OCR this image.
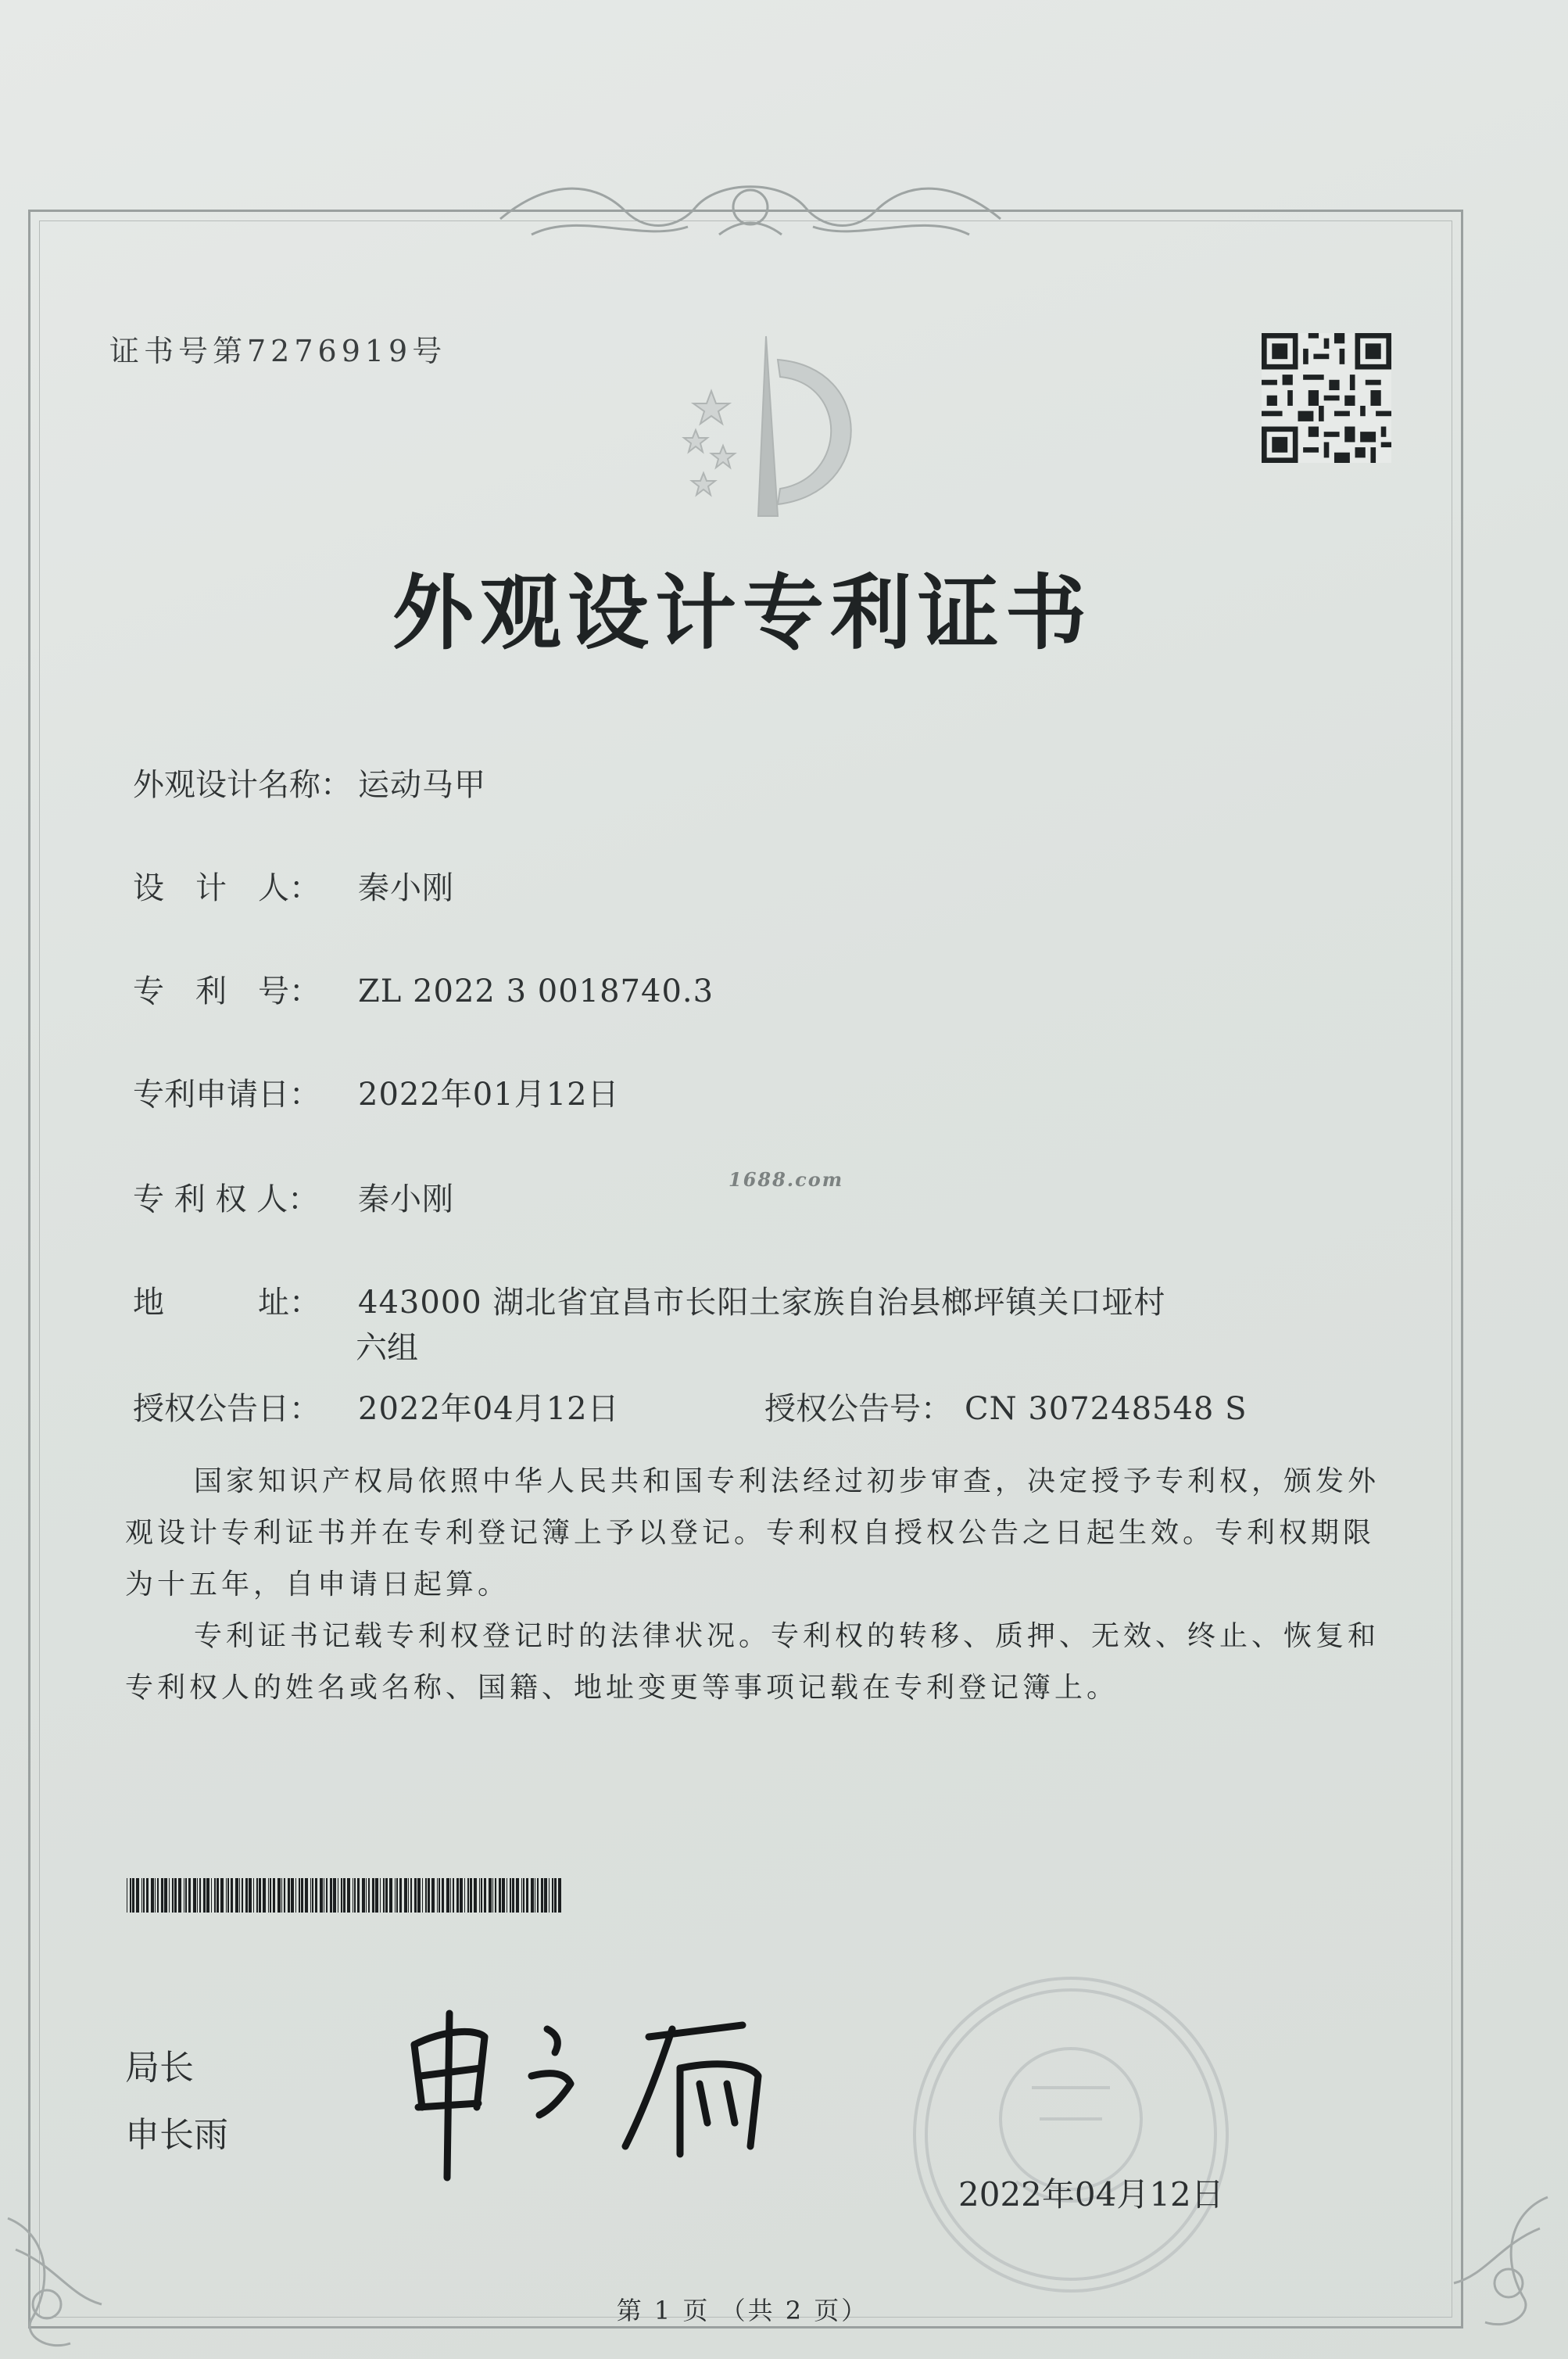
证书号第7276919号
外观设计专利证书
外观设计名称： 运动马甲
设　计　人： 秦小刚
专　利　号： ZL 2022 3 0018740.3
专利申请日： 2022年01月12日
专 利 权 人： 秦小刚
地　　　址： 443000 湖北省宜昌市长阳土家族自治县榔坪镇关口垭村
六组
授权公告日： 2022年04月12日	授权公告号： CN 307248548 S
1688.com
国家知识产权局依照中华人民共和国专利法经过初步审查，决定授予专利权，颁发外观设计专利证书并在专利登记簿上予以登记。专利权自授权公告之日起生效。专利权期限为十五年，自申请日起算。
专利证书记载专利权登记时的法律状况。专利权的转移、质押、无效、终止、恢复和专利权人的姓名或名称、国籍、地址变更等事项记载在专利登记簿上。
局长
申长雨
2022年04月12日
第 1 页 （共 2 页）
